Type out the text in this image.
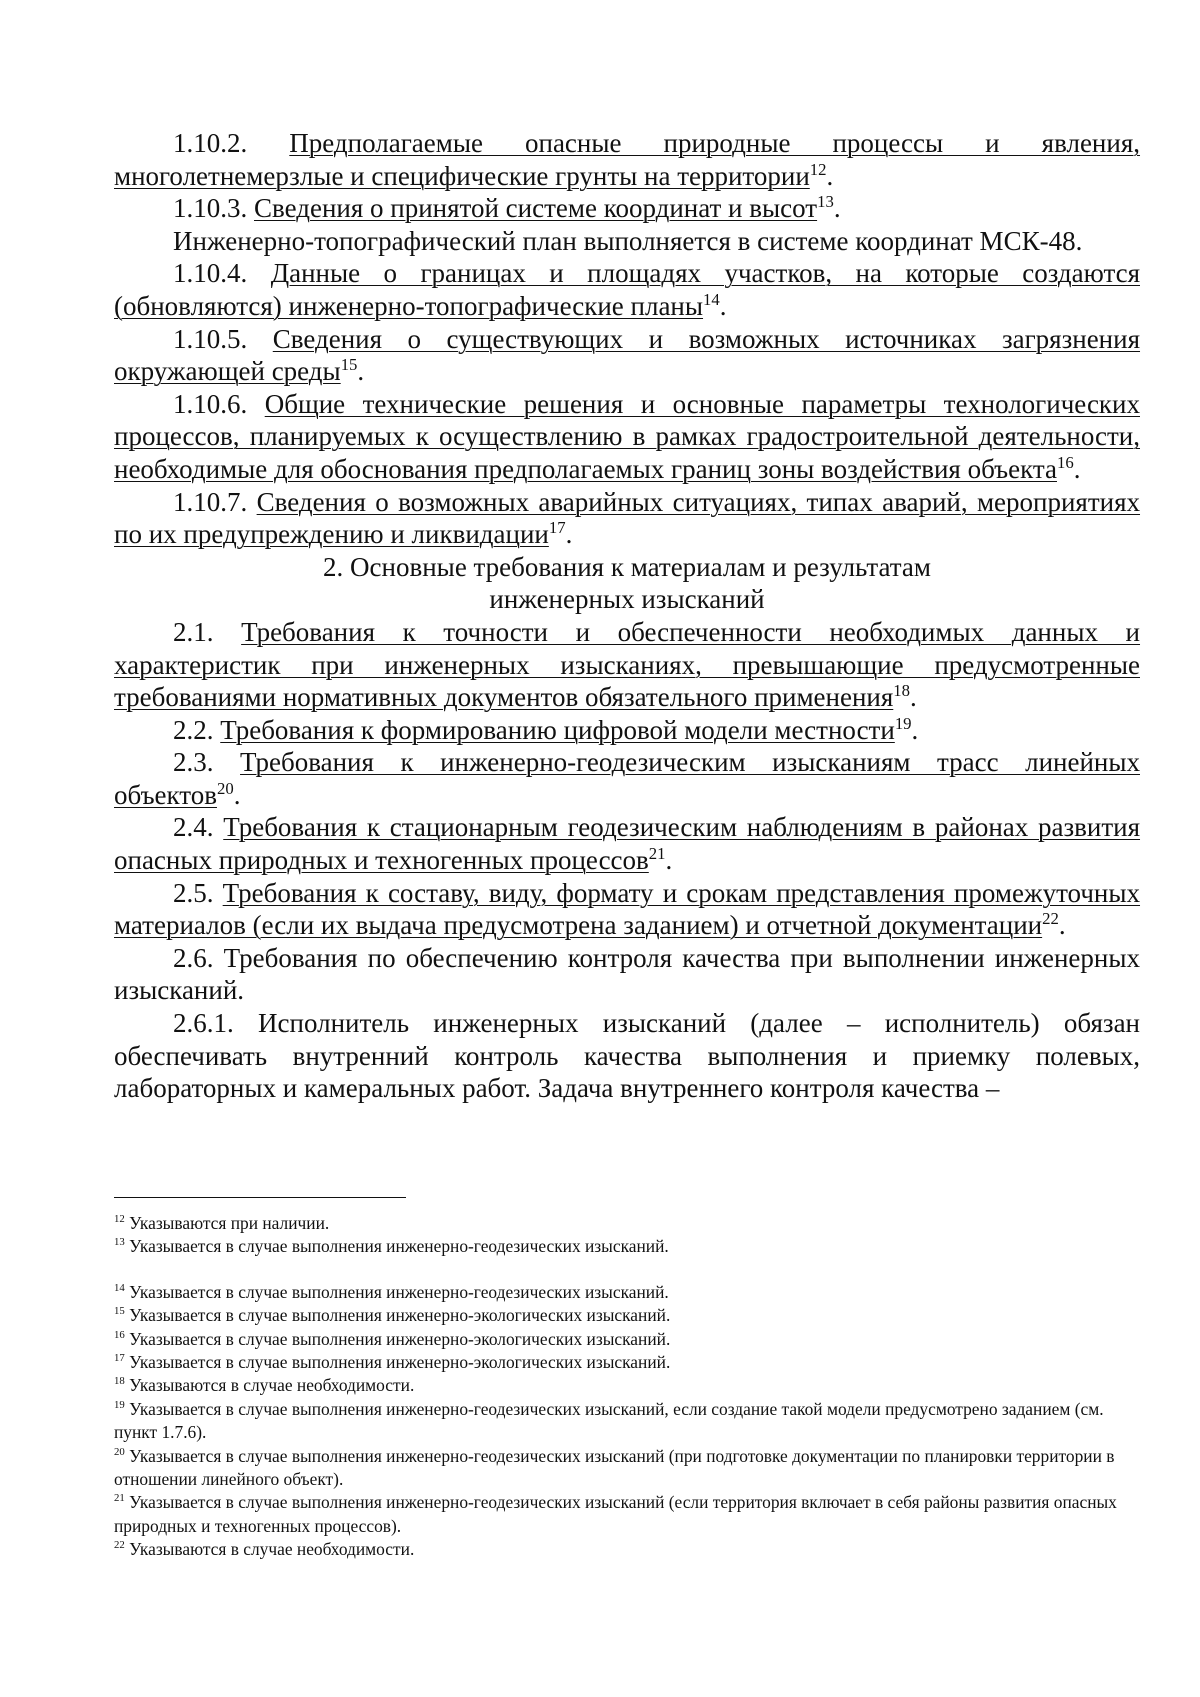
1.10.2. Предполагаемые опасные природные процессы и явления, многолетнемерзлые и специфические грунты на территории$^{12}$.

1.10.3. Сведения о принятой системе координат и высот$^{13}$.

Инженерно-топографический план выполняется в системе координат МСК-48.

1.10.4. Данные о границах и площадях участков, на которые создаются (обновляются) инженерно-топографические планы$^{14}$.

1.10.5. Сведения о существующих и возможных источниках загрязнения окружающей среды$^{15}$.

1.10.6. Общие технические решения и основные параметры технологических процессов, планируемых к осуществлению в рамках градостроительной деятельности, необходимые для обоснования предполагаемых границ зоны воздействия объекта$^{16}$.

1.10.7. Сведения о возможных аварийных ситуациях, типах аварий, мероприятиях по их предупреждению и ликвидации$^{17}$.

2. Основные требования к материалам и результатам
инженерных изысканий

2.1. Требования к точности и обеспеченности необходимых данных и характеристик при инженерных изысканиях, превышающие предусмотренные требованиями нормативных документов обязательного применения$^{18}$.

2.2. Требования к формированию цифровой модели местности$^{19}$.

2.3. Требования к инженерно-геодезическим изысканиям трасс линейных объектов$^{20}$.

2.4. Требования к стационарным геодезическим наблюдениям в районах развития опасных природных и техногенных процессов$^{21}$.

2.5. Требования к составу, виду, формату и срокам представления промежуточных материалов (если их выдача предусмотрена заданием) и отчетной документации$^{22}$.

2.6. Требования по обеспечению контроля качества при выполнении инженерных изысканий.

2.6.1. Исполнитель инженерных изысканий (далее – исполнитель) обязан обеспечивать внутренний контроль качества выполнения и приемку полевых, лабораторных и камеральных работ. Задача внутреннего контроля качества –

$^{12}$ Указываются при наличии.

$^{13}$ Указывается в случае выполнения инженерно-геодезических изысканий.

$^{14}$ Указывается в случае выполнения инженерно-геодезических изысканий.

$^{15}$ Указывается в случае выполнения инженерно-экологических изысканий.

$^{16}$ Указывается в случае выполнения инженерно-экологических изысканий.

$^{17}$ Указывается в случае выполнения инженерно-экологических изысканий.

$^{18}$ Указываются в случае необходимости.

$^{19}$ Указывается в случае выполнения инженерно-геодезических изысканий, если создание такой модели предусмотрено заданием (см. пункт 1.7.6).

$^{20}$ Указывается в случае выполнения инженерно-геодезических изысканий (при подготовке документации по планировки территории в отношении линейного объект).

$^{21}$ Указывается в случае выполнения инженерно-геодезических изысканий (если территория включает в себя районы развития опасных природных и техногенных процессов).

$^{22}$ Указываются в случае необходимости.
